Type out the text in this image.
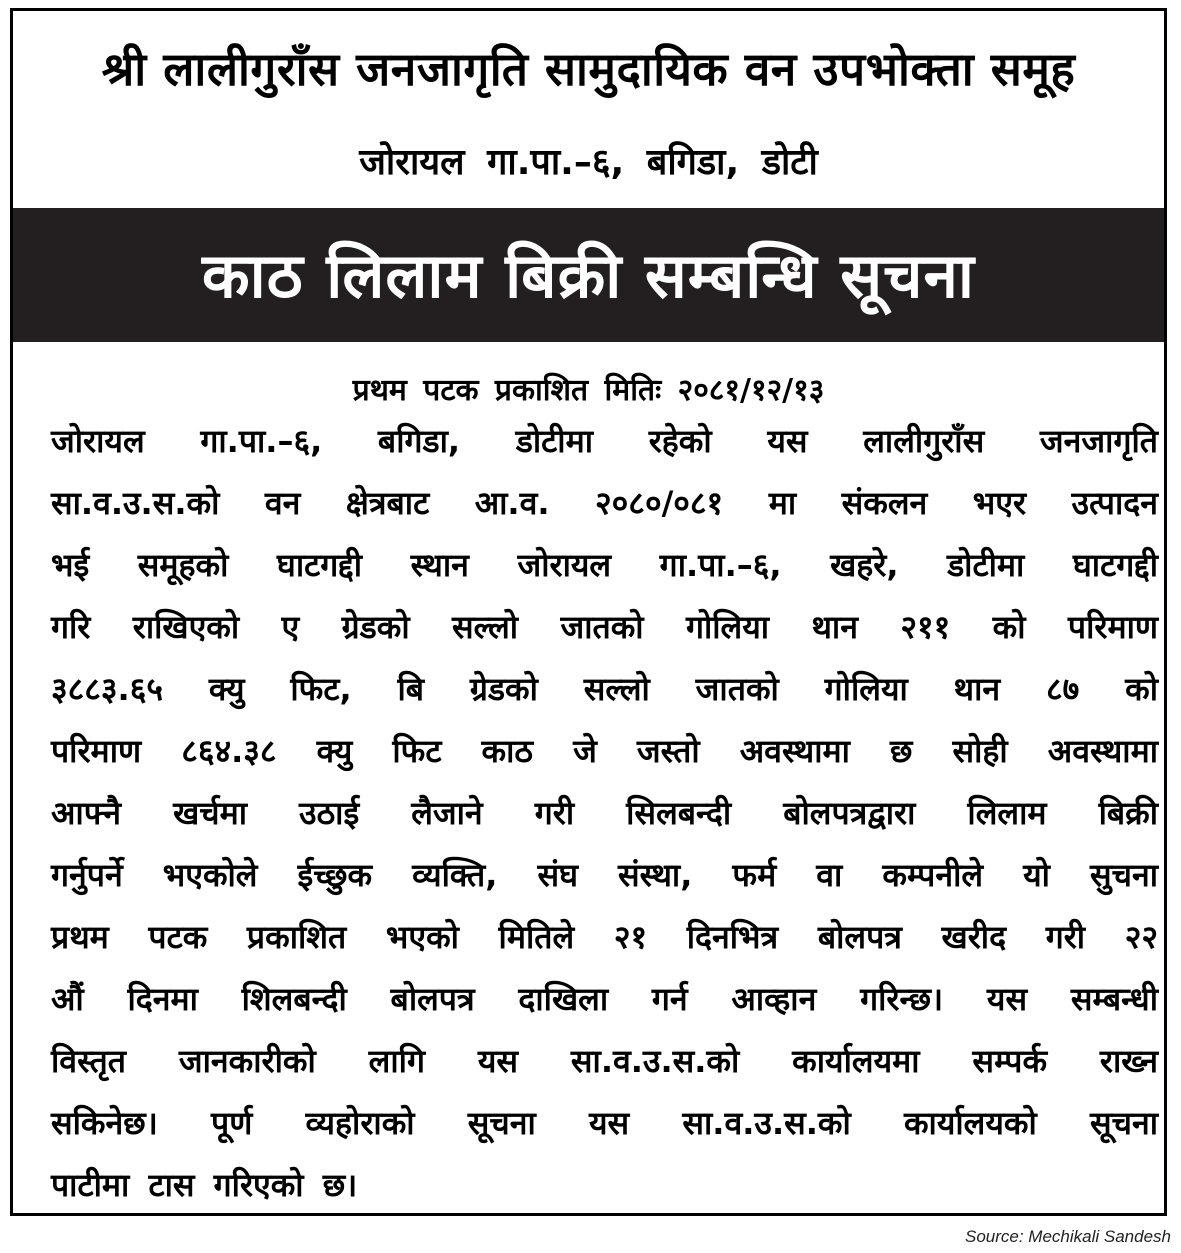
श्री लालीगुराँस जनजागृति सामुदायिक वन उपभोक्ता समूह
जोरायल गा.पा.–६, बगिडा, डोटी
काठ लिलाम बिक्री सम्बन्धि सूचना
प्रथम पटक प्रकाशित मितिः २०८१/१२/१३
जोरायल गा.पा.–६, बगिडा, डोटीमा रहेको यस लालीगुराँस जनजागृति
सा.व.उ.स.को वन क्षेत्रबाट आ.व. २०८०/०८१ मा संकलन भएर उत्पादन
भई समूहको घाटगद्दी स्थान जोरायल गा.पा.–६, खहरे, डोटीमा घाटगद्दी
गरि राखिएको ए ग्रेडको सल्लो जातको गोलिया थान २११ को परिमाण
३८८३.६५ क्यु फिट, बि ग्रेडको सल्लो जातको गोलिया थान ८७ को
परिमाण ८६४.३८ क्यु फिट काठ जे जस्तो अवस्थामा छ सोही अवस्थामा
आफ्नै खर्चमा उठाई लैजाने गरी सिलबन्दी बोलपत्रद्वारा लिलाम बिक्री
गर्नुपर्ने भएकोले ईच्छुक व्यक्ति, संघ संस्था, फर्म वा कम्पनीले यो सुचना
प्रथम पटक प्रकाशित भएको मितिले २१ दिनभित्र बोलपत्र खरीद गरी २२
औं दिनमा शिलबन्दी बोलपत्र दाखिला गर्न आव्हान गरिन्छ। यस सम्बन्धी
विस्तृत जानकारीको लागि यस सा.व.उ.स.को कार्यालयमा सम्पर्क राख्न
सकिनेछ। पूर्ण व्यहोराको सूचना यस सा.व.उ.स.को कार्यालयको सूचना
पाटीमा टास गरिएको छ।
Source: Mechikali Sandesh
